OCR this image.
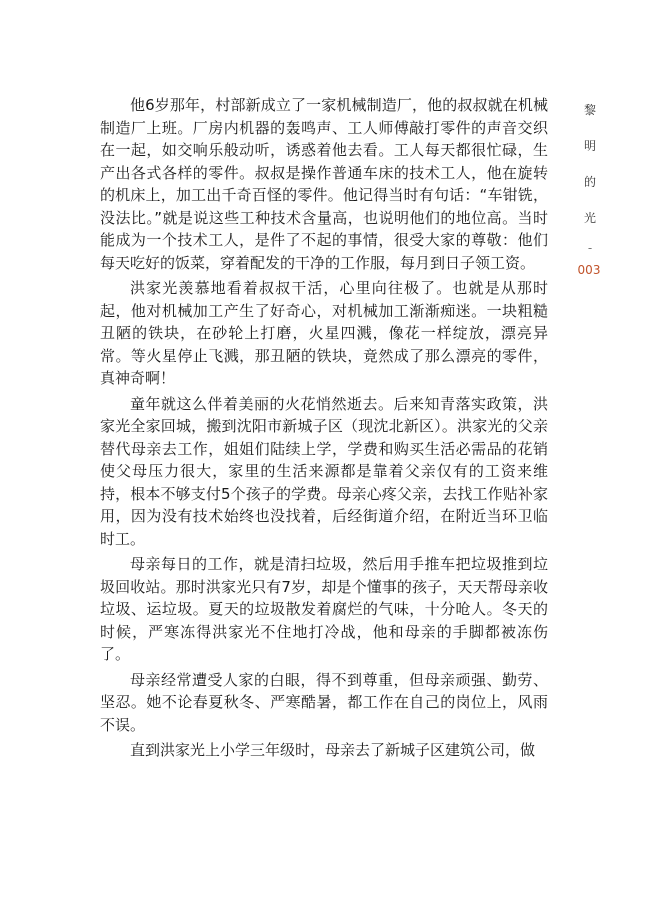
他6岁那年，村部新成立了一家机械制造厂，他的叔叔就在机械制造厂上班。厂房内机器的轰鸣声、工人师傅敲打零件的声音交织在一起，如交响乐般动听，诱惑着他去看。工人每天都很忙碌，生产出各式各样的零件。叔叔是操作普通车床的技术工人，他在旋转的机床上，加工出千奇百怪的零件。他记得当时有句话：“车钳铣，没法比。”就是说这些工种技术含量高，也说明他们的地位高。当时能成为一个技术工人，是件了不起的事情，很受大家的尊敬：他们每天吃好的饭菜，穿着配发的干净的工作服，每月到日子领工资。

洪家光羡慕地看着叔叔干活，心里向往极了。也就是从那时起，他对机械加工产生了好奇心，对机械加工渐渐痴迷。一块粗糙丑陋的铁块，在砂轮上打磨，火星四溅，像花一样绽放，漂亮异常。等火星停止飞溅，那丑陋的铁块，竟然成了那么漂亮的零件，真神奇啊！

童年就这么伴着美丽的火花悄然逝去。后来知青落实政策，洪家光全家回城，搬到沈阳市新城子区（现沈北新区）。洪家光的父亲替代母亲去工作，姐姐们陆续上学，学费和购买生活必需品的花销使父母压力很大，家里的生活来源都是靠着父亲仅有的工资来维持，根本不够支付5个孩子的学费。母亲心疼父亲，去找工作贴补家用，因为没有技术始终也没找着，后经街道介绍，在附近当环卫临时工。

母亲每日的工作，就是清扫垃圾，然后用手推车把垃圾推到垃圾回收站。那时洪家光只有7岁，却是个懂事的孩子，天天帮母亲收垃圾、运垃圾。夏天的垃圾散发着腐烂的气味，十分呛人。冬天的时候，严寒冻得洪家光不住地打冷战，他和母亲的手脚都被冻伤了。

母亲经常遭受人家的白眼，得不到尊重，但母亲顽强、勤劳、坚忍。她不论春夏秋冬、严寒酷暑，都工作在自己的岗位上，风雨不误。

直到洪家光上小学三年级时，母亲去了新城子区建筑公司，做

黎
明
的
光
-
003
